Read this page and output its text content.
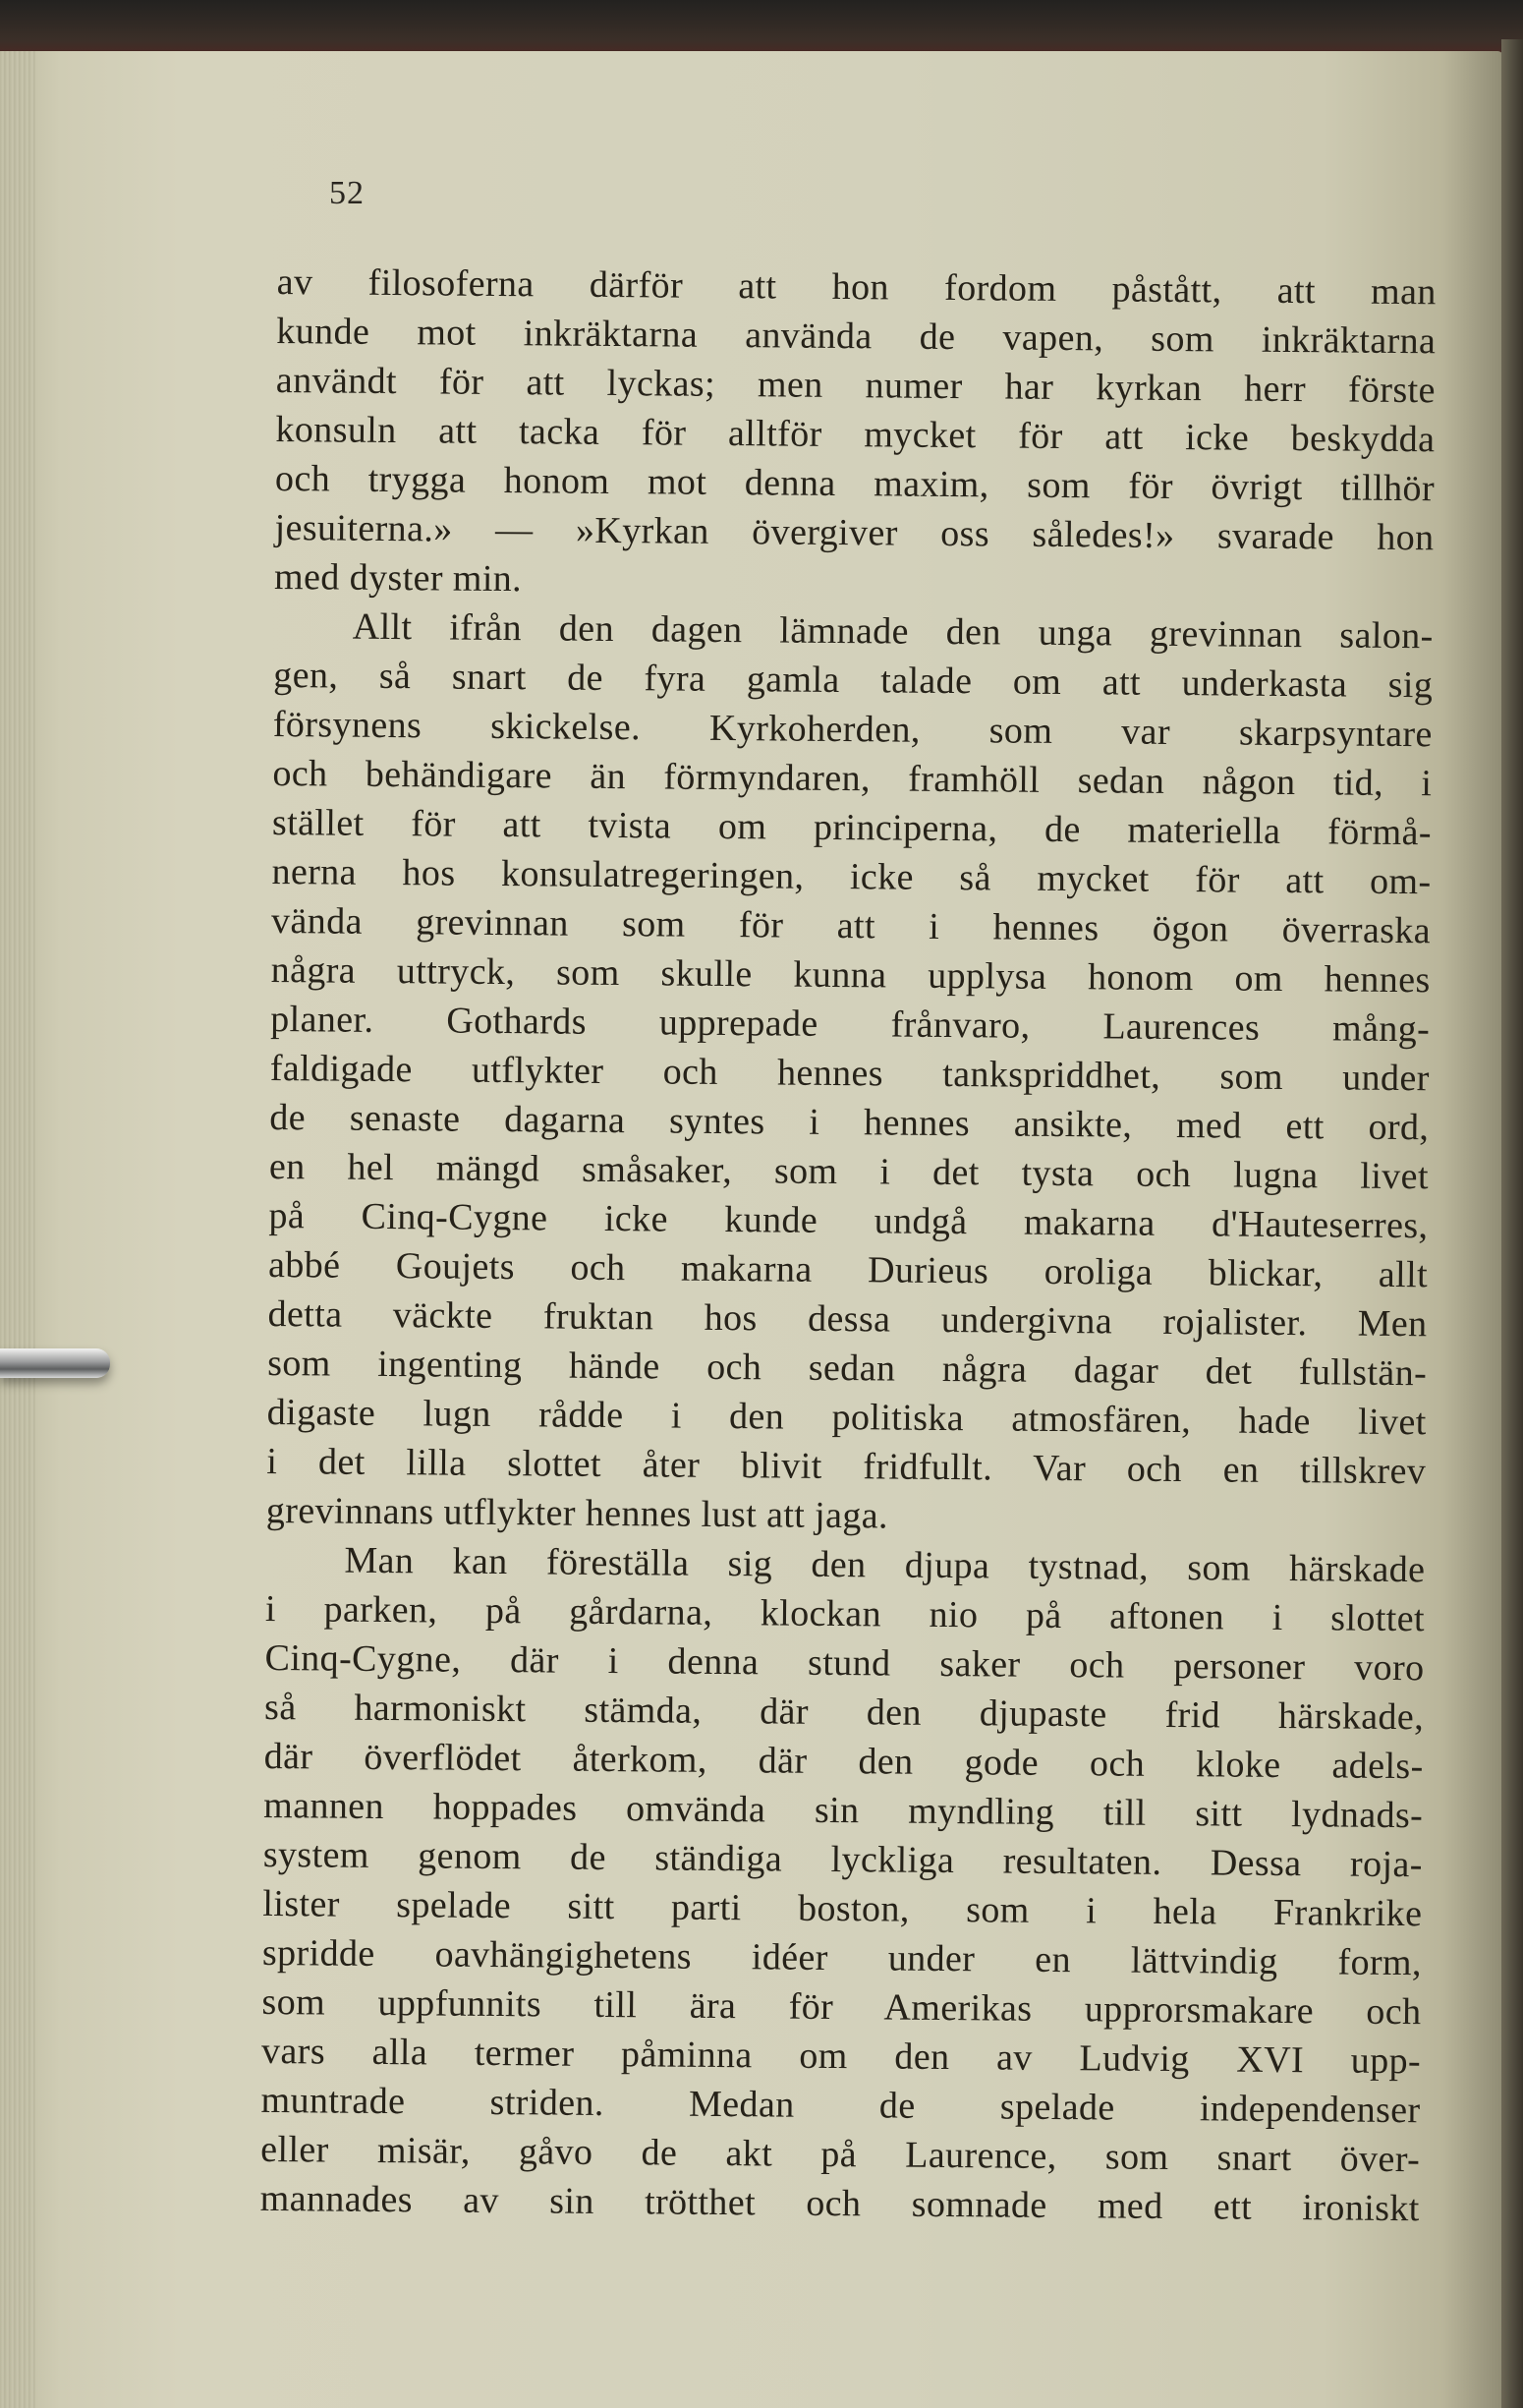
52
av filosoferna därför att hon fordom påstått, att man
kunde mot inkräktarna använda de vapen, som inkräktarna
användt för att lyckas; men numer har kyrkan herr förste
konsuln att tacka för alltför mycket för att icke beskydda
och trygga honom mot denna maxim, som för övrigt tillhör
jesuiterna.» — »Kyrkan övergiver oss således!» svarade hon
med dyster min.
Allt ifrån den dagen lämnade den unga grevinnan salon-
gen, så snart de fyra gamla talade om att underkasta sig
försynens skickelse. Kyrkoherden, som var skarpsyntare
och behändigare än förmyndaren, framhöll sedan någon tid, i
stället för att tvista om principerna, de materiella förmå-
nerna hos konsulatregeringen, icke så mycket för att om-
vända grevinnan som för att i hennes ögon överraska
några uttryck, som skulle kunna upplysa honom om hennes
planer. Gothards upprepade frånvaro, Laurences mång-
faldigade utflykter och hennes tankspriddhet, som under
de senaste dagarna syntes i hennes ansikte, med ett ord,
en hel mängd småsaker, som i det tysta och lugna livet
på Cinq-Cygne icke kunde undgå makarna d'Hauteserres,
abbé Goujets och makarna Durieus oroliga blickar, allt
detta väckte fruktan hos dessa undergivna rojalister. Men
som ingenting hände och sedan några dagar det fullstän-
digaste lugn rådde i den politiska atmosfären, hade livet
i det lilla slottet åter blivit fridfullt. Var och en tillskrev
grevinnans utflykter hennes lust att jaga.
Man kan föreställa sig den djupa tystnad, som härskade
i parken, på gårdarna, klockan nio på aftonen i slottet
Cinq-Cygne, där i denna stund saker och personer voro
så harmoniskt stämda, där den djupaste frid härskade,
där överflödet återkom, där den gode och kloke adels-
mannen hoppades omvända sin myndling till sitt lydnads-
system genom de ständiga lyckliga resultaten. Dessa roja-
lister spelade sitt parti boston, som i hela Frankrike
spridde oavhängighetens idéer under en lättvindig form,
som uppfunnits till ära för Amerikas upprorsmakare och
vars alla termer påminna om den av Ludvig XVI upp-
muntrade striden. Medan de spelade independenser
eller misär, gåvo de akt på Laurence, som snart över-
mannades av sin trötthet och somnade med ett ironiskt
